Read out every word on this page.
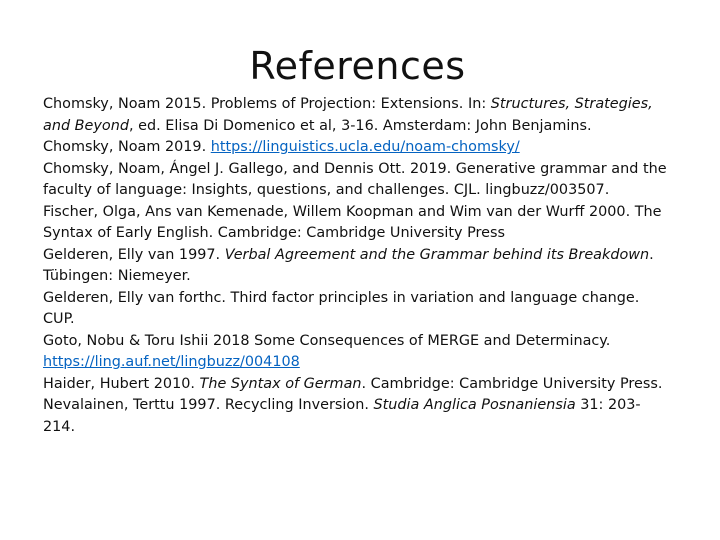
References
Chomsky, Noam 2015. Problems of Projection: Extensions. In: Structures, Strategies, and Beyond, ed. Elisa Di Domenico et al, 3-16. Amsterdam: John Benjamins.
Chomsky, Noam 2019. https://linguistics.ucla.edu/noam-chomsky/
Chomsky, Noam, Ángel J. Gallego, and Dennis Ott. 2019. Generative grammar and the faculty of language: Insights, questions, and challenges. CJL. lingbuzz/003507.
Fischer, Olga, Ans van Kemenade, Willem Koopman and Wim van der Wurff 2000. The Syntax of Early English. Cambridge: Cambridge University Press
Gelderen, Elly van 1997. Verbal Agreement and the Grammar behind its Breakdown. Tübingen: Niemeyer.
Gelderen, Elly van forthc. Third factor principles in variation and language change. CUP.
Goto, Nobu & Toru Ishii 2018 Some Consequences of MERGE and Determinacy. https://ling.auf.net/lingbuzz/004108
Haider, Hubert 2010. The Syntax of German. Cambridge: Cambridge University Press.
Nevalainen, Terttu 1997. Recycling Inversion. Studia Anglica Posnaniensia 31: 203-214.
